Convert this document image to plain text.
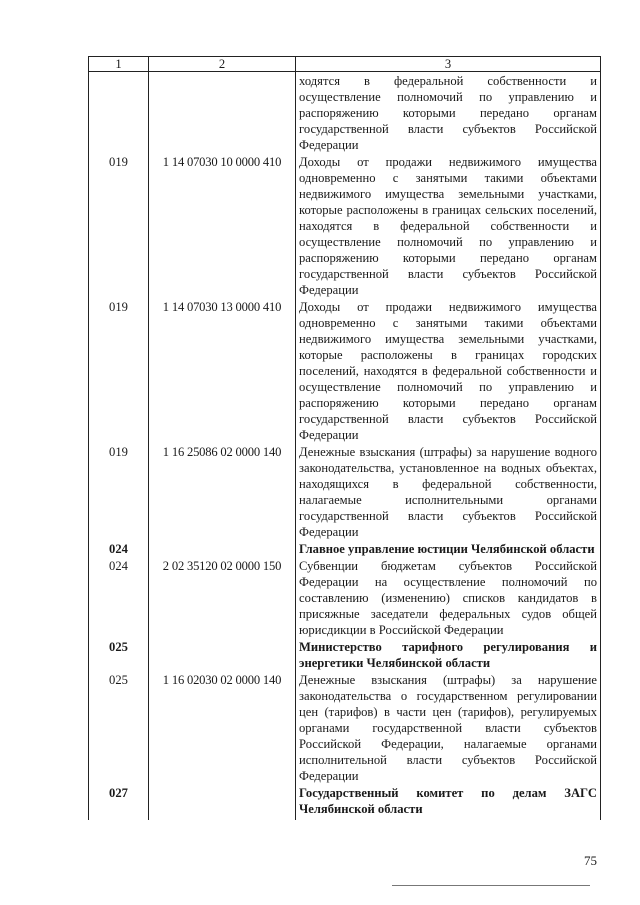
1	2	3
		ходятся в федеральной собственности и осуществление полномочий по управлению и распоряжению которыми передано органам государственной власти субъектов Российской Федерации
019	1 14 07030 10 0000 410	Доходы от продажи недвижимого имущества одновременно с занятыми такими объектами недвижимого имущества земельными участками, которые расположены в границах сельских поселений, находятся в федеральной собственности и осуществление полномочий по управлению и распоряжению которыми передано органам государственной власти субъектов Российской Федерации
019	1 14 07030 13 0000 410	Доходы от продажи недвижимого имущества одновременно с занятыми такими объектами недвижимого имущества земельными участками, которые расположены в границах городских поселений, находятся в федеральной собственности и осуществление полномочий по управлению и распоряжению которыми передано органам государственной власти субъектов Российской Федерации
019	1 16 25086 02 0000 140	Денежные взыскания (штрафы) за нарушение водного законодательства, установленное на водных объектах, находящихся в федеральной собственности, налагаемые исполнительными органами государственной власти субъектов Российской Федерации
024		Главное управление юстиции Челябинской области
024	2 02 35120 02 0000 150	Субвенции бюджетам субъектов Российской Федерации на осуществление полномочий по составлению (изменению) списков кандидатов в присяжные заседатели федеральных судов общей юрисдикции в Российской Федерации
025		Министерство тарифного регулирования и энергетики Челябинской области
025	1 16 02030 02 0000 140	Денежные взыскания (штрафы) за нарушение законодательства о государственном регулировании цен (тарифов) в части цен (тарифов), регулируемых органами государственной власти субъектов Российской Федерации, налагаемые органами исполнительной власти субъектов Российской Федерации
027		Государственный комитет по делам ЗАГС Челябинской области
75
